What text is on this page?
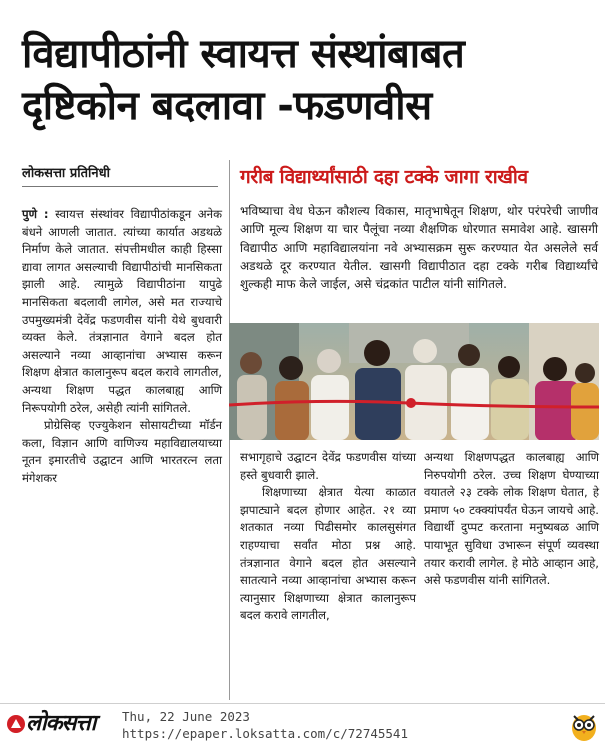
विद्यापीठांनी स्वायत्त संस्थांबाबत
दृष्टिकोन बदलावा -फडणवीस
लोकसत्ता प्रतिनिधी	गरीब विद्यार्थ्यांसाठी दहा टक्के जागा राखीव

पुणे : स्वायत्त संस्थांवर विद्यापीठांकडून अनेक बंधने आणली जातात. त्यांच्या कार्यात अडथळे निर्माण केले जातात. संपत्तीमधील काही हिस्सा द्यावा लागत असल्याची विद्यापीठांची मानसिकता झाली आहे. त्यामुळे विद्यापीठांना यापुढे मानसिकता बदलावी लागेल, असे मत राज्याचे उपमुख्यमंत्री देवेंद्र फडणवीस यांनी येथे बुधवारी व्यक्त केले. तंत्रज्ञानात वेगाने बदल होत असल्याने नव्या आव्हानांचा अभ्यास करून शिक्षण क्षेत्रात कालानुरूप बदल करावे लागतील, अन्यथा शिक्षण पद्धत कालबाह्य आणि निरूपयोगी ठरेल, असेही त्यांनी सांगितले.

प्रोग्रेसिव्ह एज्युकेशन सोसायटीच्या मॉर्डन कला, विज्ञान आणि वाणिज्य महाविद्यालयाच्या नूतन इमारतीचे उद्घाटन आणि भारतरत्न लता मंगेशकर

भविष्याचा वेध घेऊन कौशल्य विकास, मातृभाषेतून शिक्षण, थोर परंपरेची जाणीव आणि मूल्य शिक्षण या चार पैलूंचा नव्या शैक्षणिक धोरणात समावेश आहे. खासगी विद्यापीठ आणि महाविद्यालयांना नवे अभ्यासक्रम सुरू करण्यात येत असलेले सर्व अडथळे दूर करण्यात येतील. खासगी विद्यापीठात दहा टक्के गरीब विद्यार्थ्यांचे शुल्कही माफ केले जाईल, असे चंद्रकांत पाटील यांनी सांगितले.

सभागृहाचे उद्घाटन देवेंद्र फडणवीस यांच्या हस्ते बुधवारी झाले.

शिक्षणाच्या क्षेत्रात येत्या काळात झपाट्याने बदल होणार आहेत. २१ व्या शतकात नव्या पिढीसमोर कालसुसंगत राहण्याचा सर्वांत मोठा प्रश्न आहे. तंत्रज्ञानात वेगाने बदल होत असल्याने सातत्याने नव्या आव्हानांचा अभ्यास करून त्यानुसार शिक्षणाच्या क्षेत्रात कालानुरूप बदल करावे लागतील,

अन्यथा शिक्षणपद्धत कालबाह्य आणि निरुपयोगी ठरेल. उच्च शिक्षण घेण्याच्या वयातले २३ टक्के लोक शिक्षण घेतात, हे प्रमाण ५० टक्क्यांपर्यंत घेऊन जायचे आहे. विद्यार्थी दुप्पट करताना मनुष्यबळ आणि पायाभूत सुविधा उभारून संपूर्ण व्यवस्था तयार करावी लागेल. हे मोठे आव्हान आहे, असे फडणवीस यांनी सांगितले.

लोकसत्ता Thu, 22 June 2023
https://epaper.loksatta.com/c/72745541
